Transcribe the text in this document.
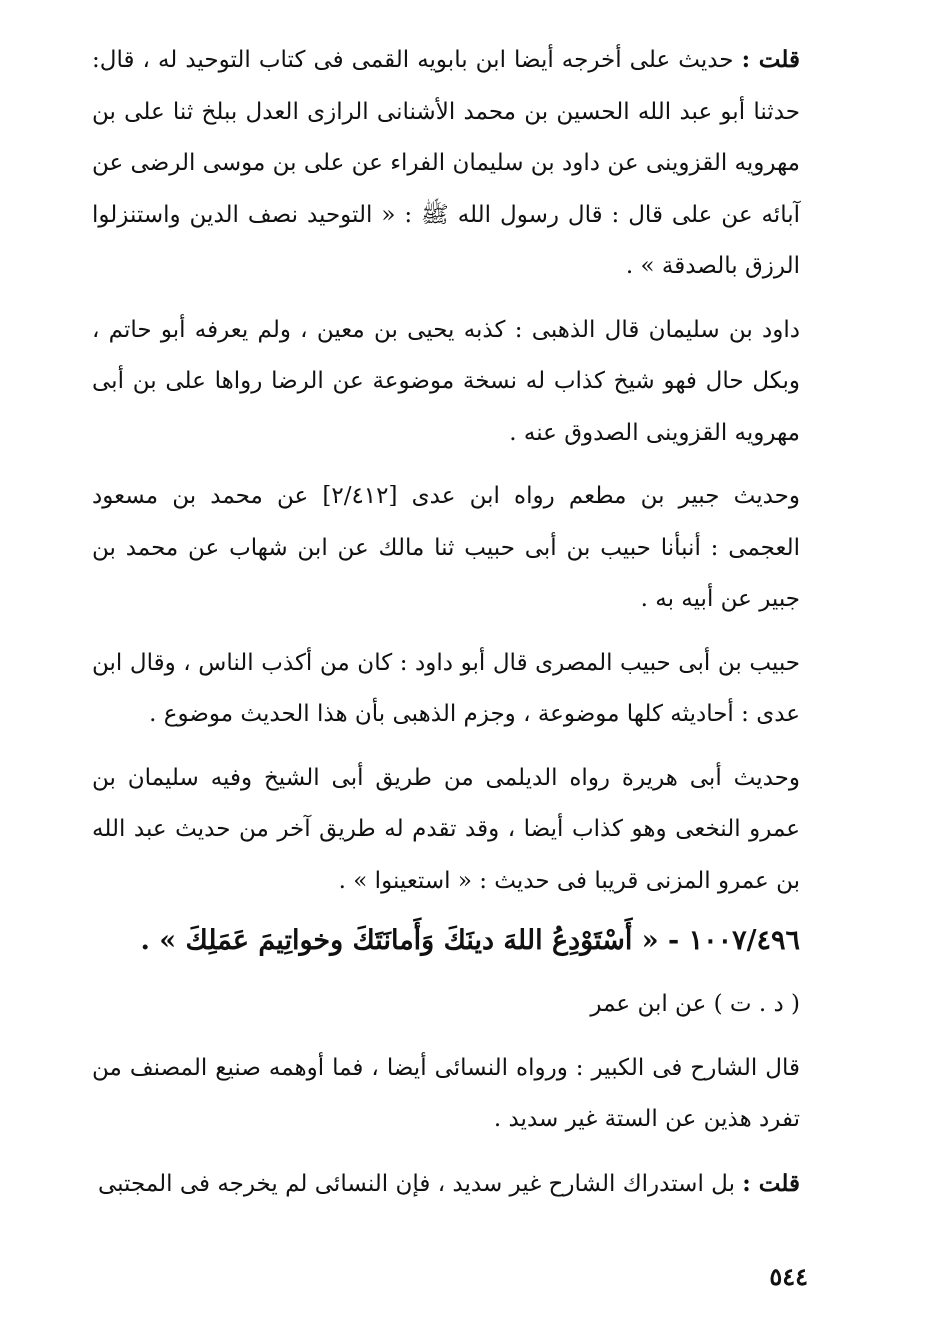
قلت : حديث على أخرجه أيضا ابن بابويه القمى فى كتاب التوحيد له ، قال: حدثنا أبو عبد الله الحسين بن محمد الأشنانى الرازى العدل ببلخ ثنا على بن مهرويه القزوينى عن داود بن سليمان الفراء عن على بن موسى الرضى عن آبائه عن على قال : قال رسول الله ﷺ : « التوحيد نصف الدين واستنزلوا الرزق بالصدقة » .

داود بن سليمان قال الذهبى : كذبه يحيى بن معين ، ولم يعرفه أبو حاتم ، وبكل حال فهو شيخ كذاب له نسخة موضوعة عن الرضا رواها على بن أبى مهرويه القزوينى الصدوق عنه .

وحديث جبير بن مطعم رواه ابن عدى [٢/٤١٢] عن محمد بن مسعود العجمى : أنبأنا حبيب بن أبى حبيب ثنا مالك عن ابن شهاب عن محمد بن جبير عن أبيه به .

حبيب بن أبى حبيب المصرى قال أبو داود : كان من أكذب الناس ، وقال ابن عدى : أحاديثه كلها موضوعة ، وجزم الذهبى بأن هذا الحديث موضوع .

وحديث أبى هريرة رواه الديلمى من طريق أبى الشيخ وفيه سليمان بن عمرو النخعى وهو كذاب أيضا ، وقد تقدم له طريق آخر من حديث عبد الله بن عمرو المزنى قريبا فى حديث : « استعينوا » .

١٠٠٧/٤٩٦ - « أَسْتَوْدِعُ اللهَ دينَكَ وَأَمانَتَكَ وخواتِيمَ عَمَلِكَ » .

( د . ت ) عن ابن عمر

قال الشارح فى الكبير : ورواه النسائى أيضا ، فما أوهمه صنيع المصنف من تفرد هذين عن الستة غير سديد .

قلت : بل استدراك الشارح غير سديد ، فإن النسائى لم يخرجه فى المجتبى

٥٤٤
